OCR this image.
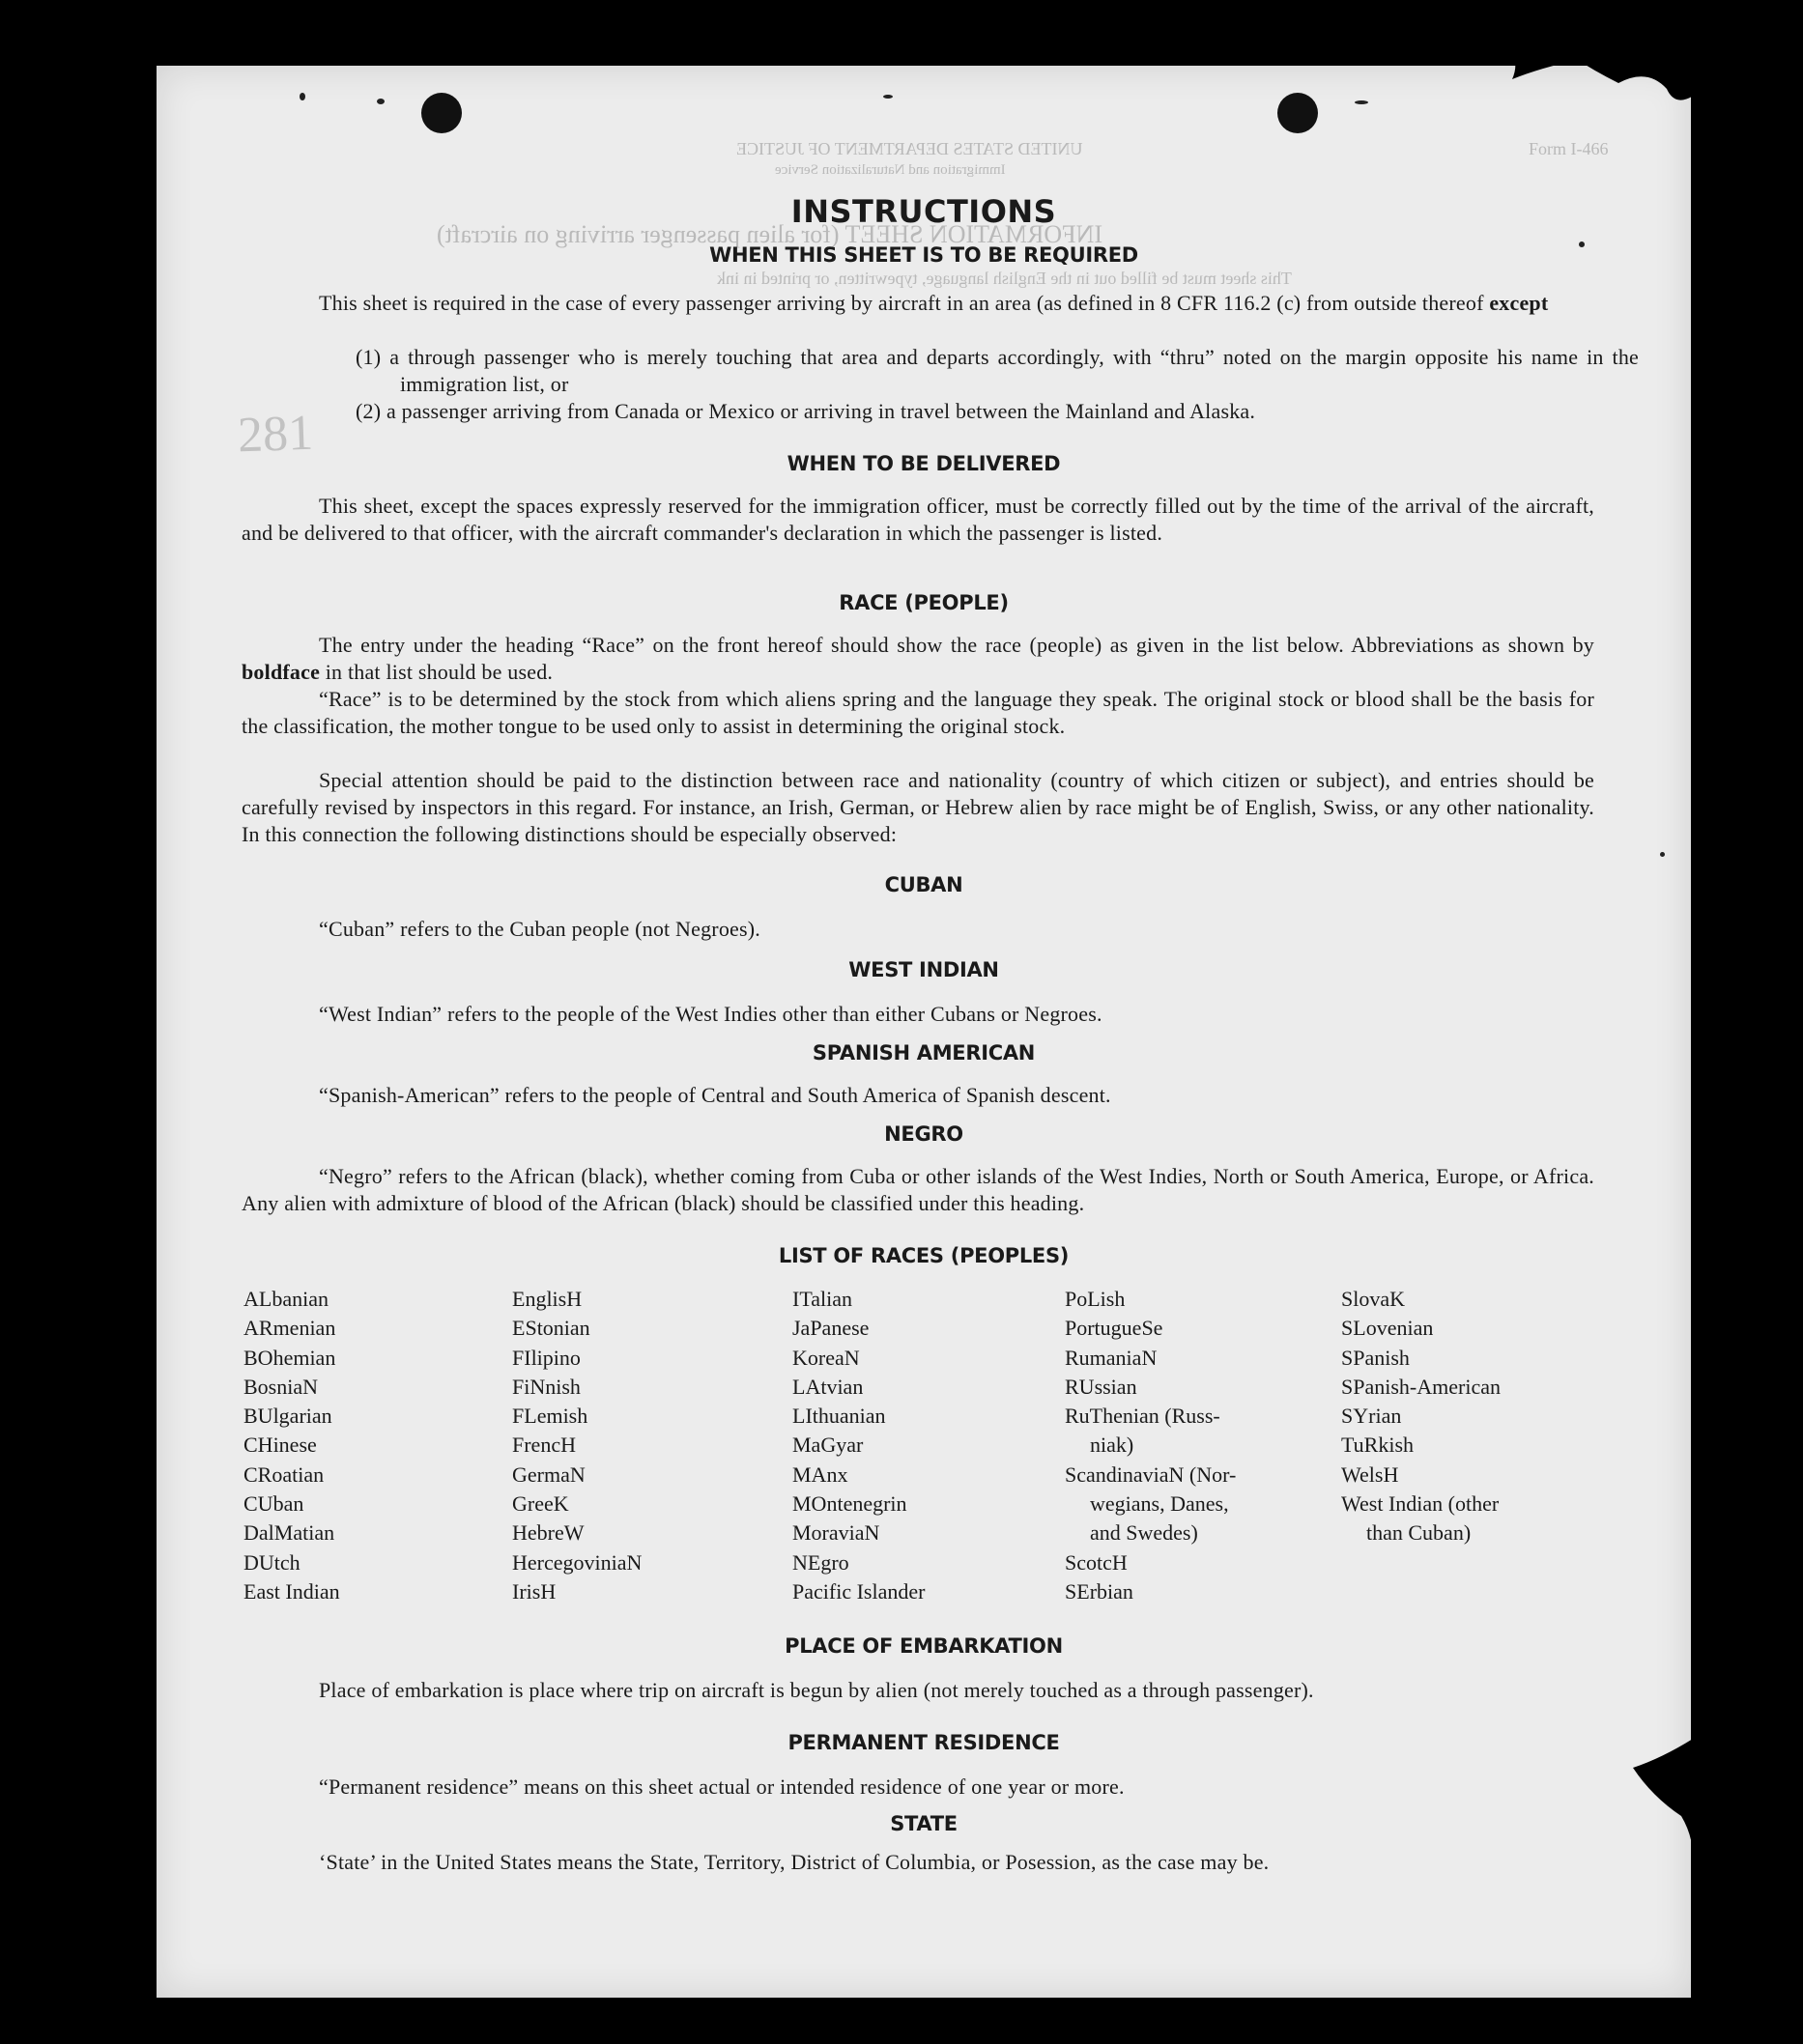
Form I-466
UNITED STATES DEPARTMENT OF JUSTICE
Immigration and Naturalization Service
INFORMATION SHEET (for alien passenger arriving on aircraft)
This sheet must be filled out in the English language, typewritten, or printed in ink
281
INSTRUCTIONS
WHEN THIS SHEET IS TO BE REQUIRED
This sheet is required in the case of every passenger arriving by aircraft in an area (as defined in 8 CFR 116.2 (c) from outside thereof except
(1) a through passenger who is merely touching that area and departs accordingly, with “thru” noted on the margin opposite his name in the immigration list, or
(2) a passenger arriving from Canada or Mexico or arriving in travel between the Mainland and Alaska.
WHEN TO BE DELIVERED
This sheet, except the spaces expressly reserved for the immigration officer, must be correctly filled out by the time of the arrival of the aircraft, and be delivered to that officer, with the aircraft commander's declaration in which the passenger is listed.
RACE (PEOPLE)
The entry under the heading “Race” on the front hereof should show the race (people) as given in the list below. Abbreviations as shown by boldface in that list should be used.
“Race” is to be determined by the stock from which aliens spring and the language they speak. The original stock or blood shall be the basis for the classification, the mother tongue to be used only to assist in determining the original stock.
Special attention should be paid to the distinction between race and nationality (country of which citizen or subject), and entries should be carefully revised by inspectors in this regard. For instance, an Irish, German, or Hebrew alien by race might be of English, Swiss, or any other nationality. In this connection the following distinctions should be especially observed:
CUBAN
“Cuban” refers to the Cuban people (not Negroes).
WEST INDIAN
“West Indian” refers to the people of the West Indies other than either Cubans or Negroes.
SPANISH AMERICAN
“Spanish-American” refers to the people of Central and South America of Spanish descent.
NEGRO
“Negro” refers to the African (black), whether coming from Cuba or other islands of the West Indies, North or South America, Europe, or Africa. Any alien with admixture of blood of the African (black) should be classified under this heading.
LIST OF RACES (PEOPLES)
ALbanian
ARmenian
BOhemian
BosniaN
BUlgarian
CHinese
CRoatian
CUban
DalMatian
DUtch
East Indian
EnglisH
EStonian
FIlipino
FiNnish
FLemish
FrencH
GermaN
GreeK
HebreW
HercegoviniaN
IrisH
ITalian
JaPanese
KoreaN
LAtvian
LIthuanian
MaGyar
MAnx
MOntenegrin
MoraviaN
NEgro
Pacific Islander
PoLish
PortugueSe
RumaniaN
RUssian
RuThenian (Russ-
niak)
ScandinaviaN (Nor-
wegians, Danes,
and Swedes)
ScotcH
SErbian
SlovaK
SLovenian
SPanish
SPanish-American
SYrian
TuRkish
WelsH
West Indian (other
than Cuban)
PLACE OF EMBARKATION
Place of embarkation is place where trip on aircraft is begun by alien (not merely touched as a through passenger).
PERMANENT RESIDENCE
“Permanent residence” means on this sheet actual or intended residence of one year or more.
STATE
‘State’ in the United States means the State, Territory, District of Columbia, or Posession, as the case may be.
